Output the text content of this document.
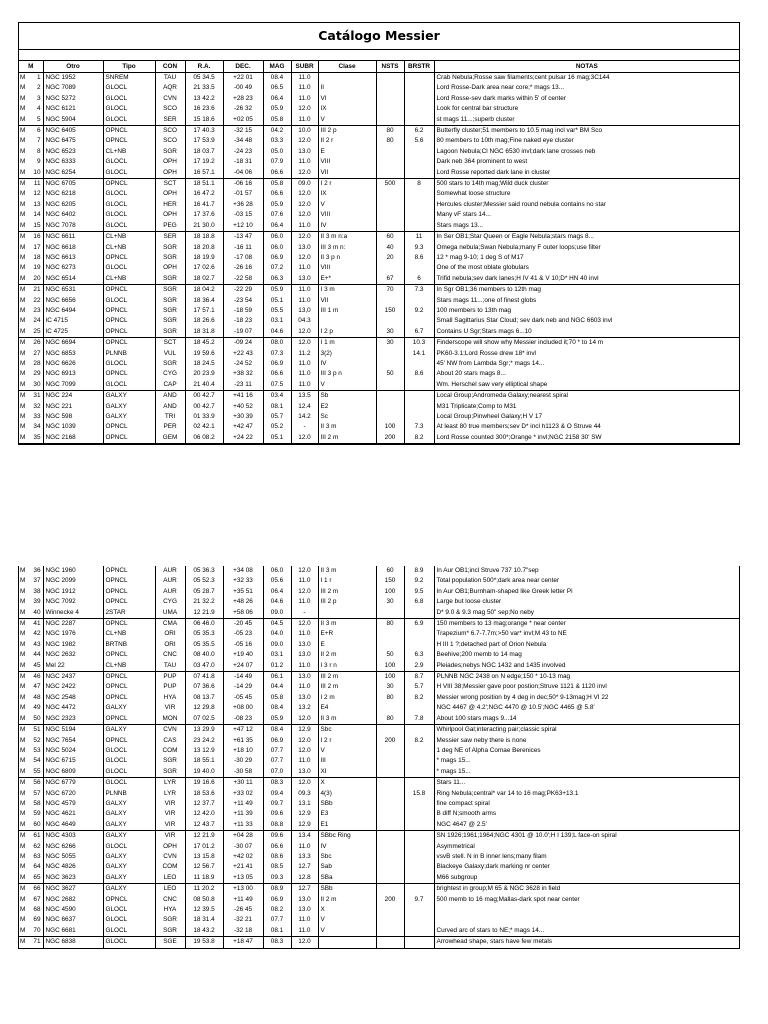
Catálogo Messier
M		Otro	Tipo	CON	R.A.	DEC.	MAG	SUBR	Clase	NSTS	BRSTR	NOTAS
M	1	NGC 1952	SNREM	TAU	05 34.5	+22 01	08.4	11.0				Crab Nebula;Rosse saw filaments;cent pulsar 16 mag;3C144
M	2	NGC 7089	GLOCL	AQR	21 33.5	-00 49	06.5	11.0	II			Lord Rosse-Dark area near core;* mags 13...
M	3	NGC 5272	GLOCL	CVN	13 42.2	+28 23	06.4	11.0	VI			Lord Rosse-sev dark marks within 5' of center
M	4	NGC 6121	GLOCL	SCO	16 23.6	-26 32	05.9	12.0	IX			Look for central bar structure
M	5	NGC 5904	GLOCL	SER	15 18.6	+02 05	05.8	11.0	V			st mags 11...;superb cluster
M	6	NGC 6405	OPNCL	SCO	17 40.3	-32 15	04.2	10.0	III 2 p	80	6.2	Butterfly cluster;51 members to 10.5 mag incl var* BM Sco
M	7	NGC 6475	OPNCL	SCO	17 53.9	-34 48	03.3	12.0	II 2 r	80	5.6	80 members to 10th mag;Fine naked eye cluster
M	8	NGC 6523	CL+NB	SGR	18 03.7	-24 23	05.0	13.0	E			Lagoon Nebula;Cl NGC 6530 invl;dark lane crosses neb
M	9	NGC 6333	GLOCL	OPH	17 19.2	-18 31	07.9	11.0	VIII			Dark neb 364 prominent to west
M	10	NGC 6254	GLOCL	OPH	16 57.1	-04 06	06.6	12.0	VII			Lord Rosse reported dark lane in cluster
M	11	NGC 6705	OPNCL	SCT	18 51.1	-06 16	05.8	09.0	I 2 r	500	8	500 stars to 14th mag;Wild duck cluster
M	12	NGC 6218	GLOCL	OPH	16 47.2	-01 57	06.6	12.0	IX			Somewhat loose structure
M	13	NGC 6205	GLOCL	HER	16 41.7	+36 28	05.9	12.0	V			Hercules cluster;Messier said round nebula contains no star
M	14	NGC 6402	GLOCL	OPH	17 37.6	-03 15	07.6	12.0	VIII			Many vF stars 14...
M	15	NGC 7078	GLOCL	PEG	21 30.0	+12 10	06.4	11.0	IV			Stars mags 13...
M	16	NGC 6611	CL+NB	SER	18 18.8	-13 47	06.0	12.0	II 3 m n:a	60	11	In Ser OB1;Star Queen or Eagle Nebula;stars mags 8...
M	17	NGC 6618	CL+NB	SGR	18 20.8	-16 11	06.0	13.0	III 3 m n:	40	9.3	Omega nebula;Swan Nebula;many F outer loops;use filter
M	18	NGC 6613	OPNCL	SGR	18 19.9	-17 08	06.9	12.0	II 3 p n	20	8.6	12 * mag 9-10; 1 deg S of M17
M	19	NGC 6273	GLOCL	OPH	17 02.6	-26 16	07.2	11.0	VIII			One of the most oblate globulars
M	20	NGC 6514	CL+NB	SGR	18 02.7	-22 58	06.3	13.0	E+*	67	6	Trifid nebula;sev dark lanes;H IV 41 & V 10;D* HN 40 invl
M	21	NGC 6531	OPNCL	SGR	18 04.2	-22 29	05.9	11.0	I 3 m	70	7.3	In Sgr OB1;36 members to 12th mag
M	22	NGC 6656	GLOCL	SGR	18 36.4	-23 54	05.1	11.0	VII			Stars mags 11...;one of finest globs
M	23	NGC 6494	OPNCL	SGR	17 57.1	-18 59	05.5	13,0	III 1 m	150	9.2	100 members to 13th mag
M	24	IC 4715	OPNCL	SGR	18 26.6	-18 23	03.1	04.3				Small Sagittarius Star Cloud; sev dark neb and NGC 6603 invl
M	25	IC 4725	OPNCL	SGR	18 31.8	-19 07	04.6	12.0	I 2 p	30	6.7	Contains U Sgr;Stars mags 6...10
M	26	NGC 6694	OPNCL	SCT	18 45.2	-09 24	08.0	12.0	I 1 m	30	10.3	Finderscope will show why Messier included it;70 * to 14 m
M	27	NGC 6853	PLNNB	VUL	19 59.6	+22 43	07.3	11.2	3(2)		14.1	PK60-3.1;Lord Rosse drew 18* invl
M	28	NGC 6626	GLOCL	SGR	18 24.5	-24 52	06.9	11.0	IV			45' NW from Lambda Sgr;* mags 14...
M	29	NGC 6913	OPNCL	CYG	20 23.9	+38 32	06.6	11.0	III 3 p n	50	8.6	About 20 stars mags 8...
M	30	NGC 7099	GLOCL	CAP	21 40.4	-23 11	07.5	11.0	V			Wm. Herschel saw very elliptical shape
M	31	NGC 224	GALXY	AND	00 42.7	+41 16	03.4	13.5	Sb			Local Group;Andromeda Galaxy;nearest spiral
M	32	NGC 221	GALXY	AND	00 42.7	+40 52	08.1	12.4	E2			M31 Triplicate;Comp to M31
M	33	NGC 598	GALXY	TRI	01 33.9	+30 39	05.7	14.2	Sc			Local Group;Pinwheel Galaxy;H V 17
M	34	NGC 1039	OPNCL	PER	02 42.1	+42 47	05.2	-	II 3 m	100	7.3	At least 80 true members;sev D* incl h1123 & O Struve 44
M	35	NGC 2168	OPNCL	GEM	06 08.2	+24 22	05.1	12.0	III 2 m	200	8.2	Lord Rosse counted 300*;Orange * invl;NGC 2158 30' SW
M	36	NGC 1960	OPNCL	AUR	05 36.3	+34 08	06.0	12.0	II 3 m	60	8.9	In Aur OB1;incl Struve 737 10.7"sep
M	37	NGC 2099	OPNCL	AUR	05 52.3	+32 33	05.6	11.0	I 1 r	150	9.2	Total population 500*;dark area near center
M	38	NGC 1912	OPNCL	AUR	05 28.7	+35 51	06.4	12.0	III 2 m	100	9.5	In Aur OB1;Burnham-shaped like Greek letter Pi
M	39	NGC 7092	OPNCL	CYG	21 32.2	+48 26	04.6	11.0	III 2 p	30	6.8	Large but loose cluster
M	40	Winnecke 4	2STAR	UMA	12 21.9	+58 06	09.0	-				D* 9.0 & 9.3 mag 50" sep;No neby
M	41	NGC 2287	OPNCL	CMA	06 46.0	-20 45	04.5	12.0	II 3 m	80	6.9	150 members to 13 mag;orange * near center
M	42	NGC 1976	CL+NB	ORI	05 35.3	-05 23	04.0	11.0	E+R			Trapezium* 6.7-7.7m;>50 var* invl;M 43 to NE
M	43	NGC 1982	BRTNB	ORI	05 35.5	-05 16	09.0	13.0	E			H III 1 ?;detached part of Orion Nebula
M	44	NGC 2632	OPNCL	CNC	08 40.0	+19 40	03.1	13.0	II 2 m	50	6.3	Beehive;200 memb to 14 mag
M	45	Mel 22	CL+NB	TAU	03 47.0	+24 07	01.2	11.0	I 3 r n	100	2.9	Pleiades;nebys NGC 1432 and 1435 involved
M	46	NGC 2437	OPNCL	PUP	07 41.8	-14 49	06.1	13.0	III 2 m	100	8.7	PLNNB NGC 2438 on N edge;150 * 10-13 mag
M	47	NGC 2422	OPNCL	PUP	07 36.6	-14 29	04.4	11.0	III 2 m	30	5.7	H VIII 38;Messier gave poor postion;Struve 1121 & 1120 invl
M	48	NGC 2548	OPNCL	HYA	08 13.7	-05 45	05.8	13.0	I 2 m	80	8.2	Messier wrong position by 4 deg in dec;50* 9-13mag;H VI 22
M	49	NGC 4472	GALXY	VIR	12 29.8	+08 00	08.4	13.2	E4			NGC 4467 @ 4.2';NGC 4470 @ 10.5';NGC 4465 @ 5.8'
M	50	NGC 2323	OPNCL	MON	07 02.5	-08 23	05.9	12.0	II 3 m	80	7.8	About 100 stars mags 9...14
M	51	NGC 5194	GALXY	CVN	13 29.9	+47 12	08.4	12.9	Sbc			Whirlpool Gal;interacting pair;classic spiral
M	52	NGC 7654	OPNCL	CAS	23 24.2	+61 35	06.9	12.0	I 2 r	200	8.2	Messier saw neby there is none
M	53	NGC 5024	GLOCL	COM	13 12.9	+18 10	07.7	12.0	V			1 deg NE of Alpha Comae Berenices
M	54	NGC 6715	GLOCL	SGR	18 55.1	-30 29	07.7	11.0	III			* mags 15...
M	55	NGC 6809	GLOCL	SGR	19 40.0	-30 58	07.0	13.0	XI			* mags 15...
M	56	NGC 6779	GLOCL	LYR	19 16.6	+30 11	08.3	12.0	X			Stars 11...
M	57	NGC 6720	PLNNB	LYR	18 53.6	+33 02	09.4	09.3	4(3)		15.8	Ring Nebula;central* var 14 to 16 mag;PK63+13.1
M	58	NGC 4579	GALXY	VIR	12 37.7	+11 49	09.7	13.1	SBb			fine compact spiral
M	59	NGC 4621	GALXY	VIR	12 42.0	+11 39	09.6	12.9	E3			B diff N;smooth arms
M	60	NGC 4649	GALXY	VIR	12 43.7	+11 33	08.8	12.9	E1			NGC 4647 @ 2.5'
M	61	NGC 4303	GALXY	VIR	12 21.9	+04 28	09.6	13.4	SBbc Ring			SN 1926;1961;1964;NGC 4301 @ 10.0';H I 139;L face-on spiral
M	62	NGC 6266	GLOCL	OPH	17 01.2	-30 07	06.6	11.0	IV			Asymmetrical
M	63	NGC 5055	GALXY	CVN	13 15.8	+42 02	08.6	13.3	Sbc			vsvB stell. N in B inner lens;many filam
M	64	NGC 4826	GALXY	COM	12 56.7	+21 41	08.5	12.7	Sab			Blackeye Galaxy;dark marking nr center
M	65	NGC 3623	GALXY	LEO	11 18.9	+13 05	09.3	12.8	SBa			M66 subgroup
M	66	NGC 3627	GALXY	LEO	11 20.2	+13 00	08.9	12.7	SBb			brightest in group;M 65 & NGC 3628 in field
M	67	NGC 2682	OPNCL	CNC	08 50.8	+11 49	06.9	13.0	II 2 m	200	9.7	500 memb to 16 mag;Mallas-dark spot near center
M	68	NGC 4590	GLOCL	HYA	12 39.5	-26 45	08.2	13.0	X			
M	69	NGC 6637	GLOCL	SGR	18 31.4	-32 21	07.7	11.0	V			
M	70	NGC 6681	GLOCL	SGR	18 43.2	-32 18	08.1	11.0	V			Curved arc of stars to NE;* mags 14...
M	71	NGC 6838	GLOCL	SGE	19 53.8	+18 47	08.3	12.0				Arrowhead shape, stars have few metals
